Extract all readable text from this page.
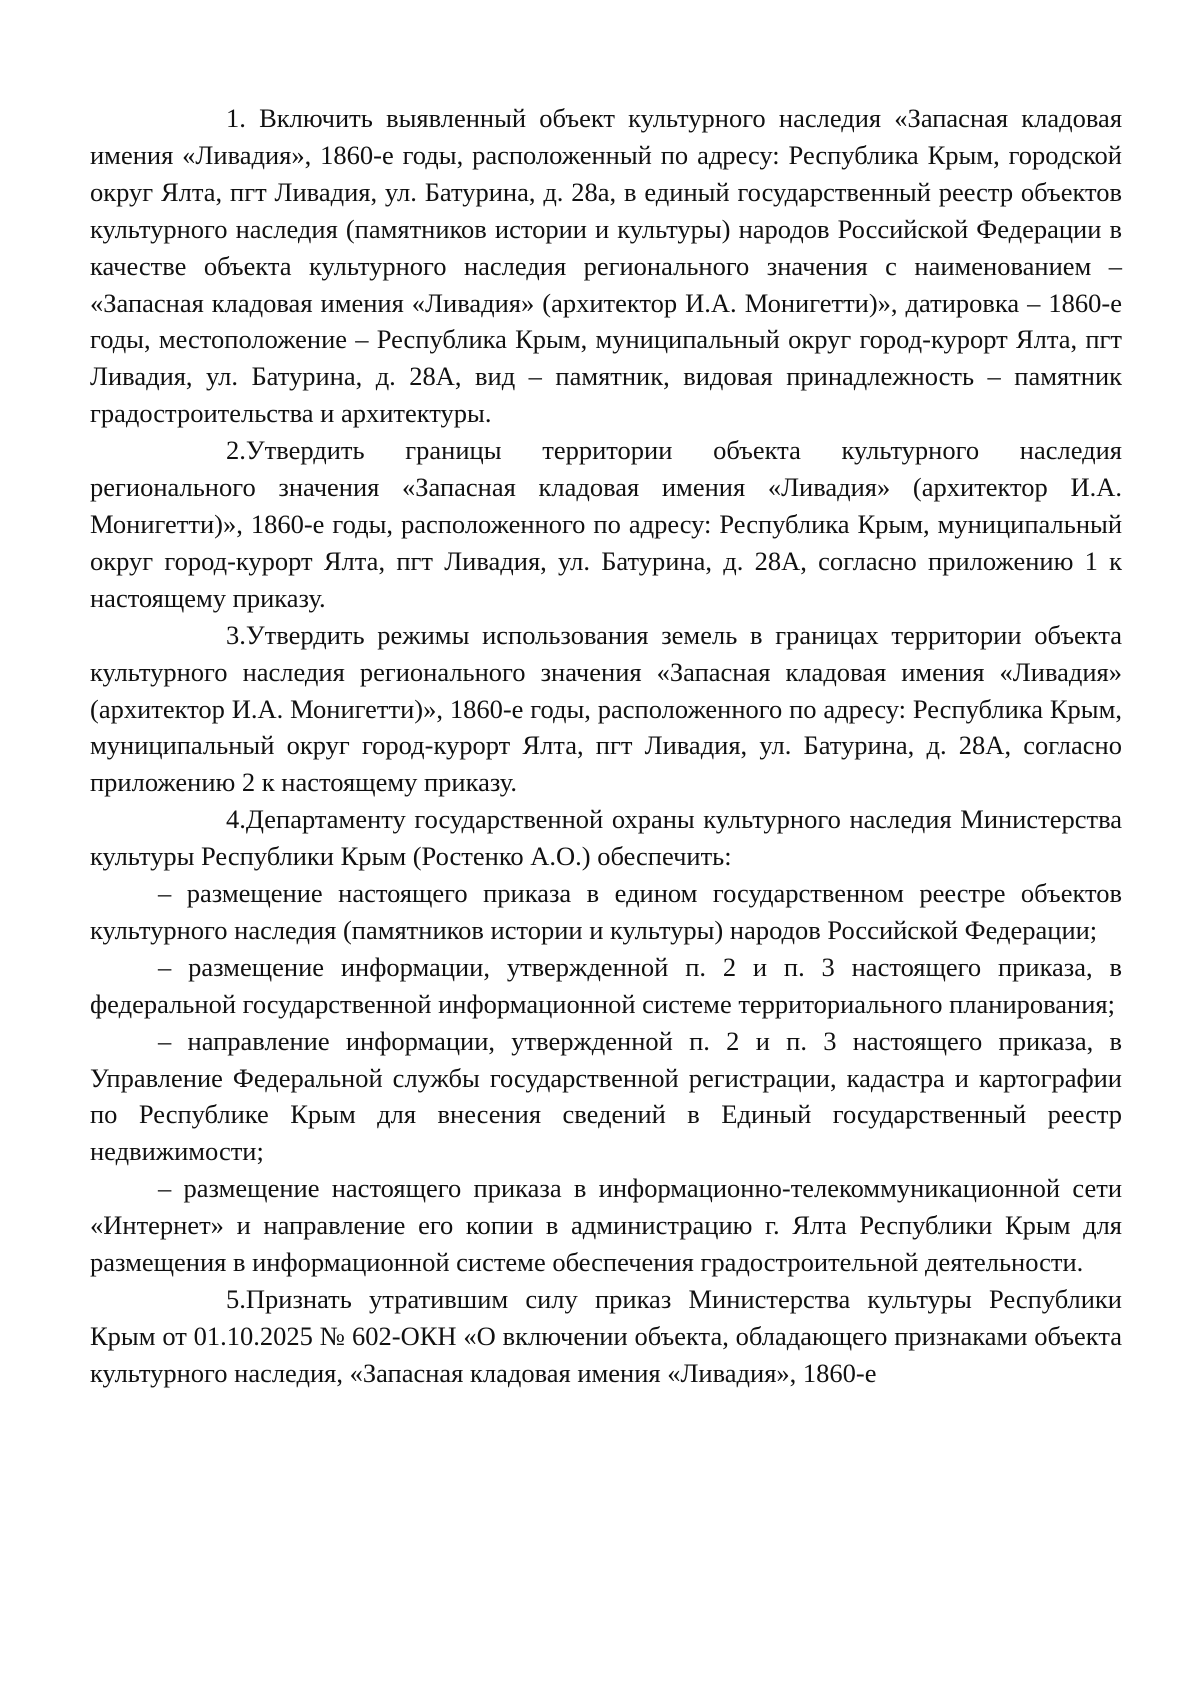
1. Включить выявленный объект культурного наследия «Запасная кладовая имения «Ливадия», 1860-е годы, расположенный по адресу: Республика Крым, городской округ Ялта, пгт Ливадия, ул. Батурина, д. 28а, в единый государственный реестр объектов культурного наследия (памятников истории и культуры) народов Российской Федерации в качестве объекта культурного наследия регионального значения с наименованием – «Запасная кладовая имения «Ливадия» (архитектор И.А. Монигетти)», датировка – 1860-е годы, местоположение – Республика Крым, муниципальный округ город-курорт Ялта, пгт Ливадия, ул. Батурина, д. 28А, вид – памятник, видовая принадлежность – памятник градостроительства и архитектуры.

2.Утвердить границы территории объекта культурного наследия регионального значения «Запасная кладовая имения «Ливадия» (архитектор И.А. Монигетти)», 1860-е годы, расположенного по адресу: Республика Крым, муниципальный округ город-курорт Ялта, пгт Ливадия, ул. Батурина, д. 28А, согласно приложению 1 к настоящему приказу.

3.Утвердить режимы использования земель в границах территории объекта культурного наследия регионального значения «Запасная кладовая имения «Ливадия» (архитектор И.А. Монигетти)», 1860-е годы, расположенного по адресу: Республика Крым, муниципальный округ город-курорт Ялта, пгт Ливадия, ул. Батурина, д. 28А, согласно приложению 2 к настоящему приказу.

4.Департаменту государственной охраны культурного наследия Министерства культуры Республики Крым (Ростенко А.О.) обеспечить:

– размещение настоящего приказа в едином государственном реестре объектов культурного наследия (памятников истории и культуры) народов Российской Федерации;

– размещение информации, утвержденной п. 2 и п. 3 настоящего приказа, в федеральной государственной информационной системе территориального планирования;

– направление информации, утвержденной п. 2 и п. 3 настоящего приказа, в Управление Федеральной службы государственной регистрации, кадастра и картографии по Республике Крым для внесения сведений в Единый государственный реестр недвижимости;

– размещение настоящего приказа в информационно-телекоммуникационной сети «Интернет» и направление его копии в администрацию г. Ялта Республики Крым для размещения в информационной системе обеспечения градостроительной деятельности.

5.Признать утратившим силу приказ Министерства культуры Республики Крым от 01.10.2025 № 602-ОКН «О включении объекта, обладающего признаками объекта культурного наследия, «Запасная кладовая имения «Ливадия», 1860-е
